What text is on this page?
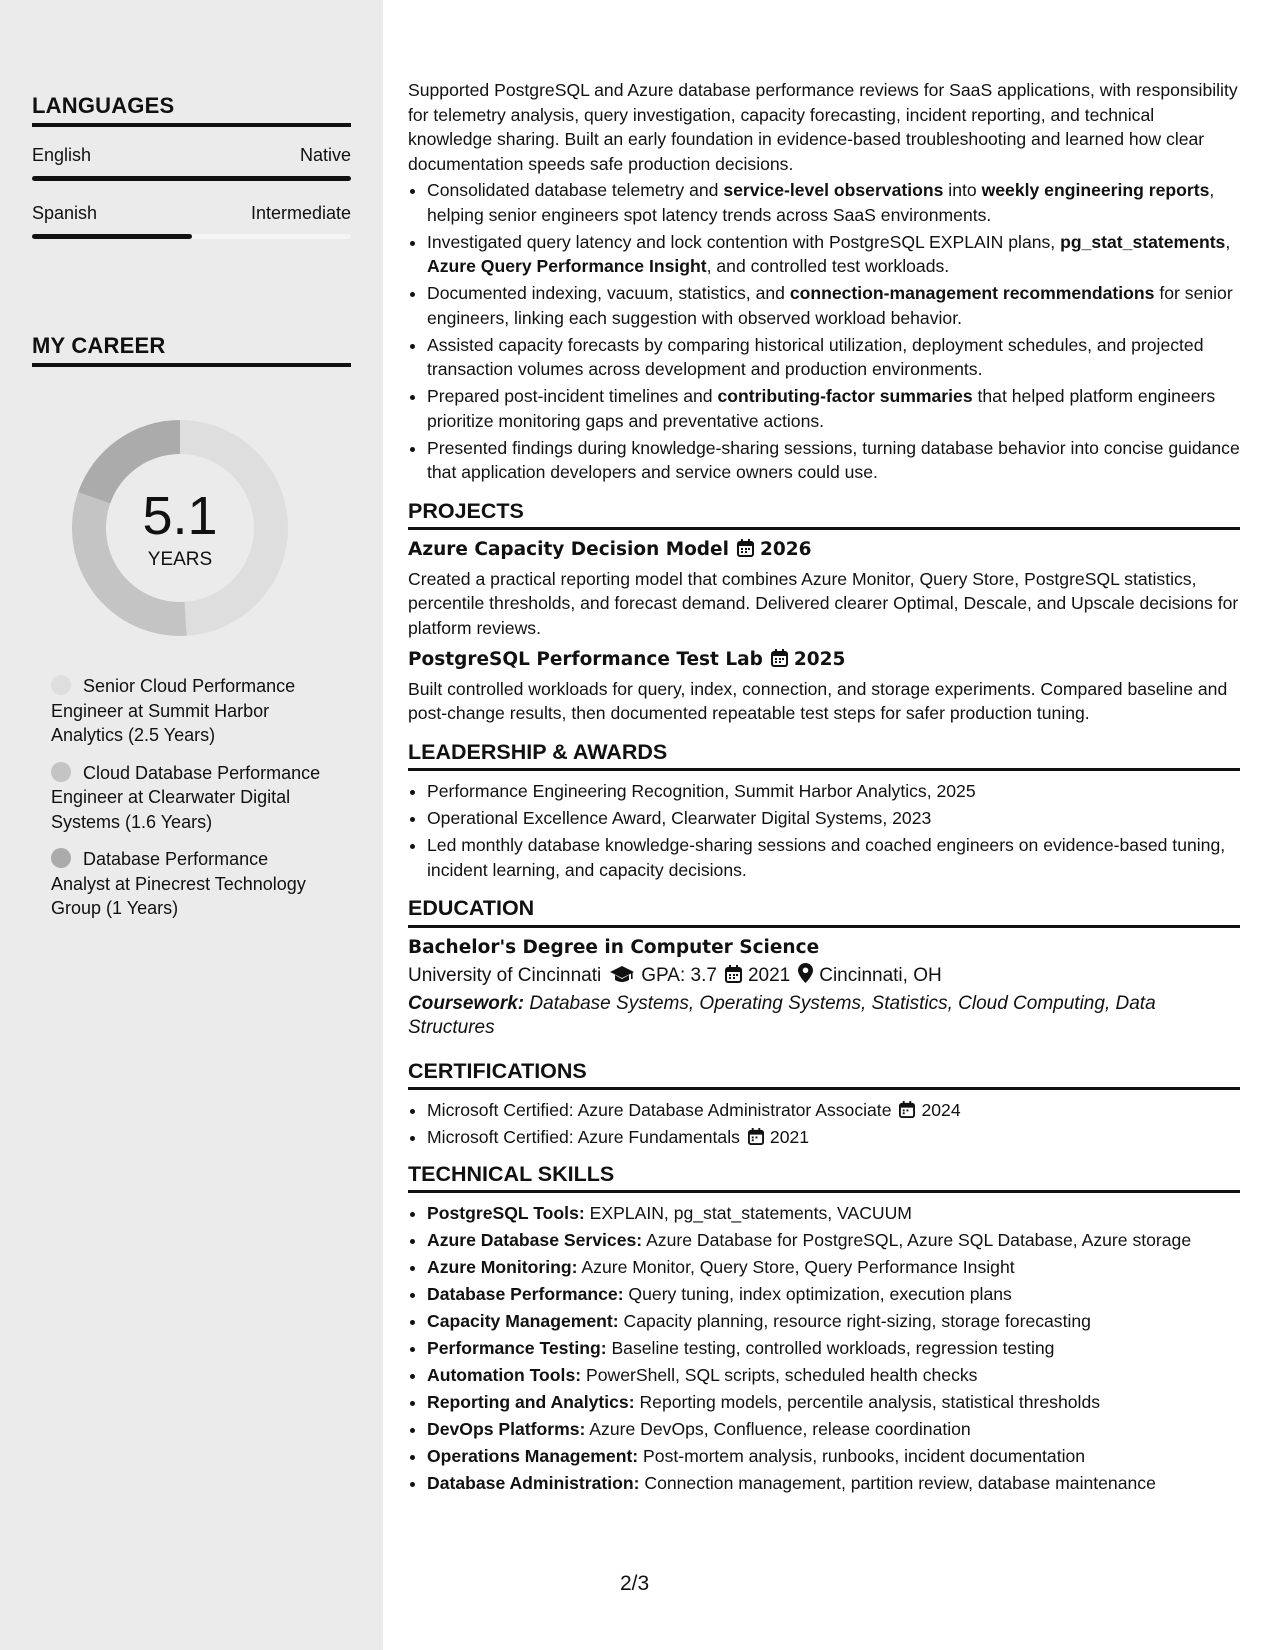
LANGUAGES
English	Native
Spanish	Intermediate
MY CAREER
5.1
YEARS
Senior Cloud Performance Engineer at Summit Harbor Analytics (2.5 Years)
Cloud Database Performance Engineer at Clearwater Digital Systems (1.6 Years)
Database Performance Analyst at Pinecrest Technology Group (1 Years)

Supported PostgreSQL and Azure database performance reviews for SaaS applications, with responsibility for telemetry analysis, query investigation, capacity forecasting, incident reporting, and technical knowledge sharing. Built an early foundation in evidence-based troubleshooting and learned how clear documentation speeds safe production decisions.

• Consolidated database telemetry and service-level observations into weekly engineering reports, helping senior engineers spot latency trends across SaaS environments.
• Investigated query latency and lock contention with PostgreSQL EXPLAIN plans, pg_stat_statements, Azure Query Performance Insight, and controlled test workloads.
• Documented indexing, vacuum, statistics, and connection-management recommendations for senior engineers, linking each suggestion with observed workload behavior.
• Assisted capacity forecasts by comparing historical utilization, deployment schedules, and projected transaction volumes across development and production environments.
• Prepared post-incident timelines and contributing-factor summaries that helped platform engineers prioritize monitoring gaps and preventative actions.
• Presented findings during knowledge-sharing sessions, turning database behavior into concise guidance that application developers and service owners could use.
PROJECTS
Azure Capacity Decision Model 2026

Created a practical reporting model that combines Azure Monitor, Query Store, PostgreSQL statistics, percentile thresholds, and forecast demand. Delivered clearer Optimal, Descale, and Upscale decisions for platform reviews.

PostgreSQL Performance Test Lab 2025

Built controlled workloads for query, index, connection, and storage experiments. Compared baseline and post-change results, then documented repeatable test steps for safer production tuning.

LEADERSHIP & AWARDS
• Performance Engineering Recognition, Summit Harbor Analytics, 2025
• Operational Excellence Award, Clearwater Digital Systems, 2023
• Led monthly database knowledge-sharing sessions and coached engineers on evidence-based tuning, incident learning, and capacity decisions.
EDUCATION
Bachelor's Degree in Computer Science
University of Cincinnati GPA: 3.7 2021 Cincinnati, OH
Coursework: Database Systems, Operating Systems, Statistics, Cloud Computing, Data Structures
CERTIFICATIONS
• Microsoft Certified: Azure Database Administrator Associate 2024
• Microsoft Certified: Azure Fundamentals 2021
TECHNICAL SKILLS
• PostgreSQL Tools: EXPLAIN, pg_stat_statements, VACUUM
• Azure Database Services: Azure Database for PostgreSQL, Azure SQL Database, Azure storage
• Azure Monitoring: Azure Monitor, Query Store, Query Performance Insight
• Database Performance: Query tuning, index optimization, execution plans
• Capacity Management: Capacity planning, resource right-sizing, storage forecasting
• Performance Testing: Baseline testing, controlled workloads, regression testing
• Automation Tools: PowerShell, SQL scripts, scheduled health checks
• Reporting and Analytics: Reporting models, percentile analysis, statistical thresholds
• DevOps Platforms: Azure DevOps, Confluence, release coordination
• Operations Management: Post-mortem analysis, runbooks, incident documentation
• Database Administration: Connection management, partition review, database maintenance
2/3
